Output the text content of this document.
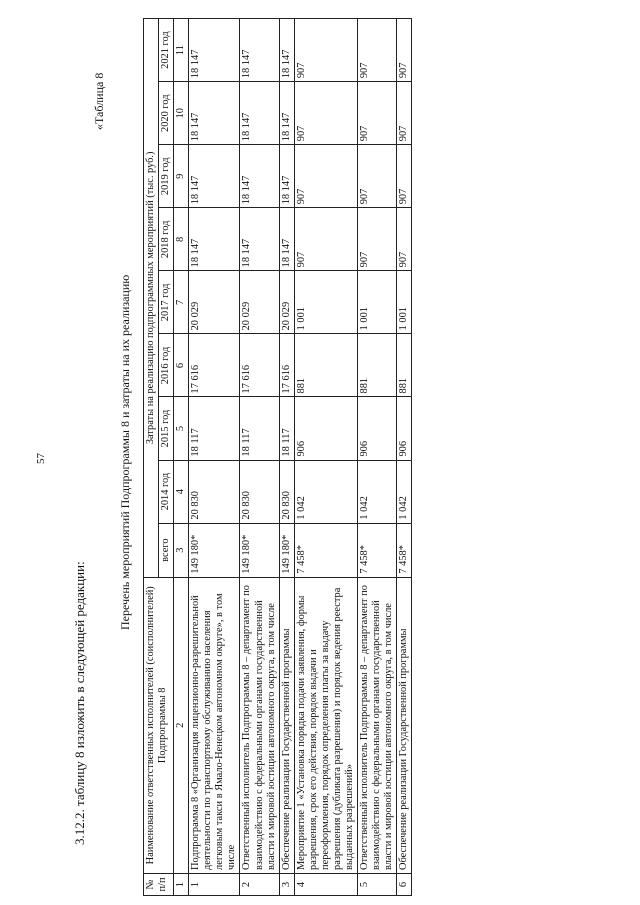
57
3.12.2. таблицу 8 изложить в следующей редакции:
«Таблица 8
Перечень мероприятий Подпрограммы 8 и затраты на их реализацию
№ п/п	Наименование ответственных исполнителей (соисполнителей) Подпрограммы 8	Затраты на реализацию подпрограммных мероприятий (тыс. руб.)								
		всего	2014 год	2015 год	2016 год	2017 год	2018 год	2019 год	2020 год	2021 год
1	2	3	4	5	6	7	8	9	10	11
1	Подпрограмма 8 «Организация лицензионно-разрешительной деятельности по транспортному обслуживанию населения легковым такси в Ямало-Ненецком автономном округе», в том числе	149 180*	20 830	18 117	17 616	20 029	18 147	18 147	18 147	18 147
2	Ответственный исполнитель Подпрограммы 8 – департамент по взаимодействию с федеральными органами государственной власти и мировой юстиции автономного округа, в том числе	149 180*	20 830	18 117	17 616	20 029	18 147	18 147	18 147	18 147
3	Обеспечение реализации Государственной программы	149 180*	20 830	18 117	17 616	20 029	18 147	18 147	18 147	18 147
4	Мероприятие 1 «Установка порядка подачи заявления, формы разрешения, срок его действия, порядок выдачи и переоформления, порядок определения платы за выдачу разрешения (дубликата разрешения) и порядок ведения реестра выданных разрешений»	7 458*	1 042	906	881	1 001	907	907	907	907
5	Ответственный исполнитель Подпрограммы 8 – департамент по взаимодействию с федеральными органами государственной власти и мировой юстиции автономного округа, в том числе	7 458*	1 042	906	881	1 001	907	907	907	907
6	Обеспечение реализации Государственной программы	7 458*	1 042	906	881	1 001	907	907	907	907
